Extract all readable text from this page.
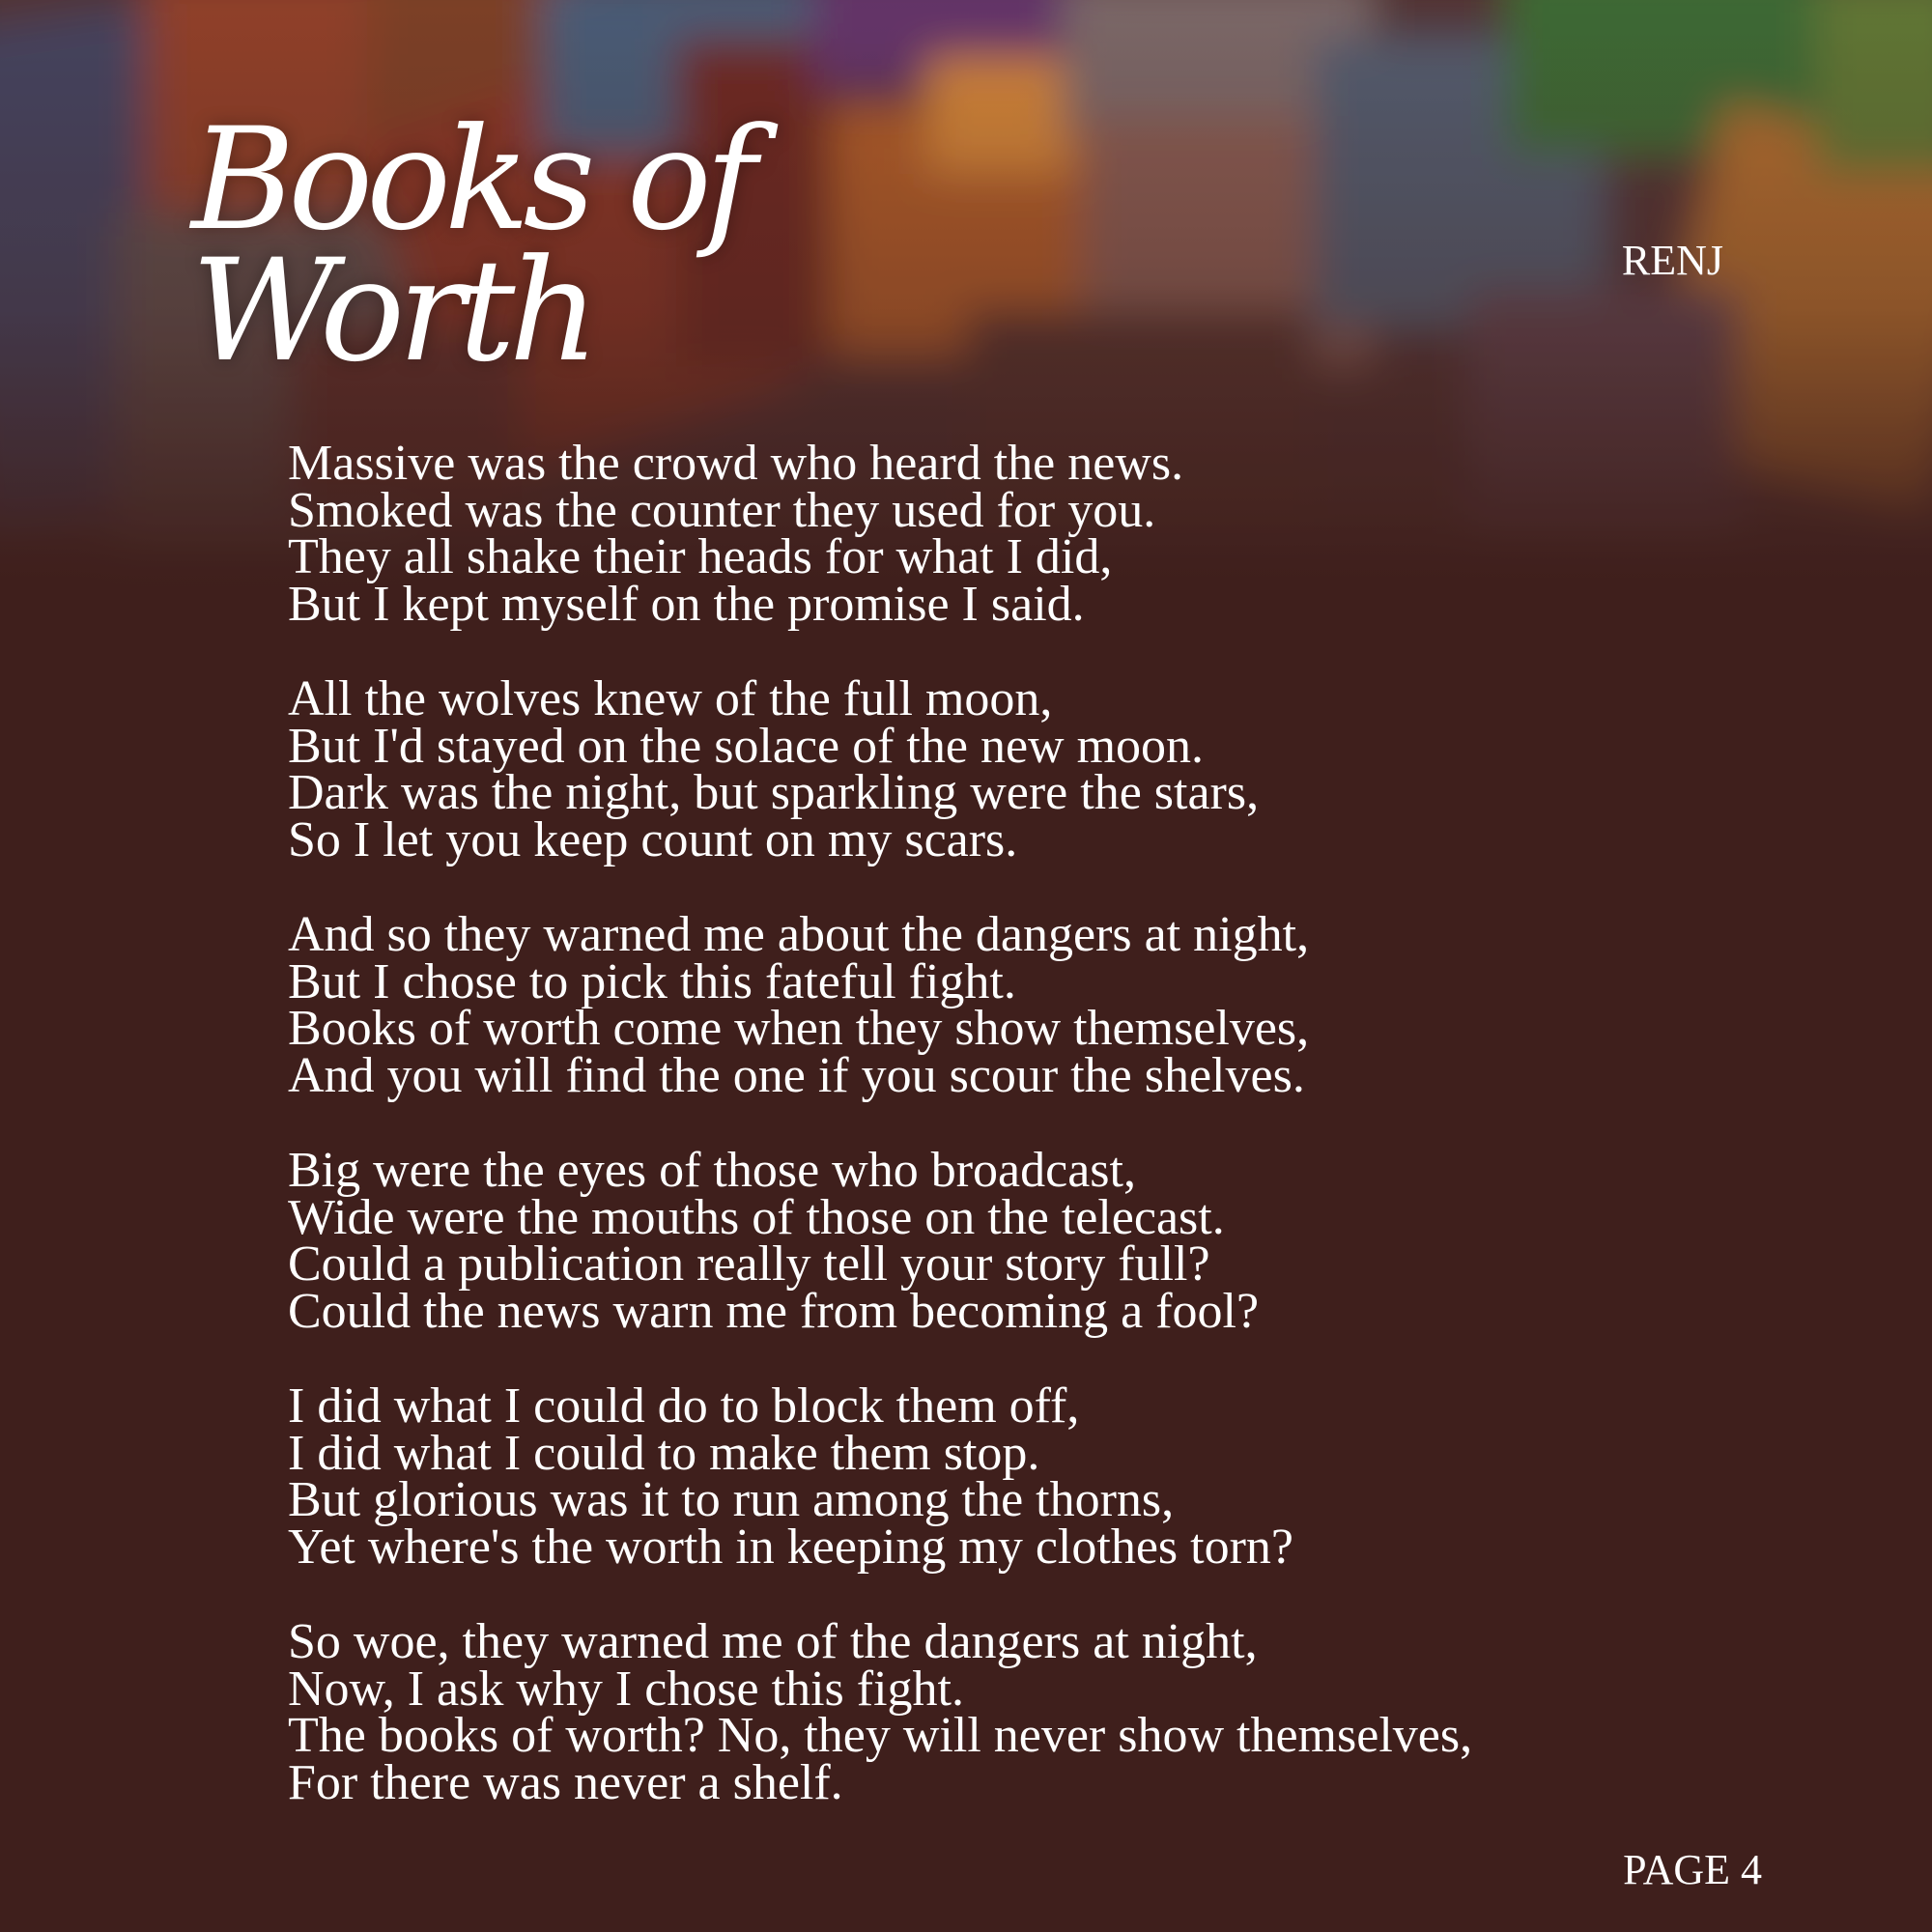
Books of
Worth	RENJ
Massive was the crowd who heard the news.
Smoked was the counter they used for you.
They all shake their heads for what I did,
But I kept myself on the promise I said.
All the wolves knew of the full moon,
But I'd stayed on the solace of the new moon.
Dark was the night, but sparkling were the stars,
So I let you keep count on my scars.
And so they warned me about the dangers at night,
But I chose to pick this fateful fight.
Books of worth come when they show themselves,
And you will find the one if you scour the shelves.
Big were the eyes of those who broadcast,
Wide were the mouths of those on the telecast.
Could a publication really tell your story full?
Could the news warn me from becoming a fool?
I did what I could do to block them off,
I did what I could to make them stop.
But glorious was it to run among the thorns,
Yet where's the worth in keeping my clothes torn?
So woe, they warned me of the dangers at night,
Now, I ask why I chose this fight.
The books of worth? No, they will never show themselves,
For there was never a shelf.
PAGE 4
